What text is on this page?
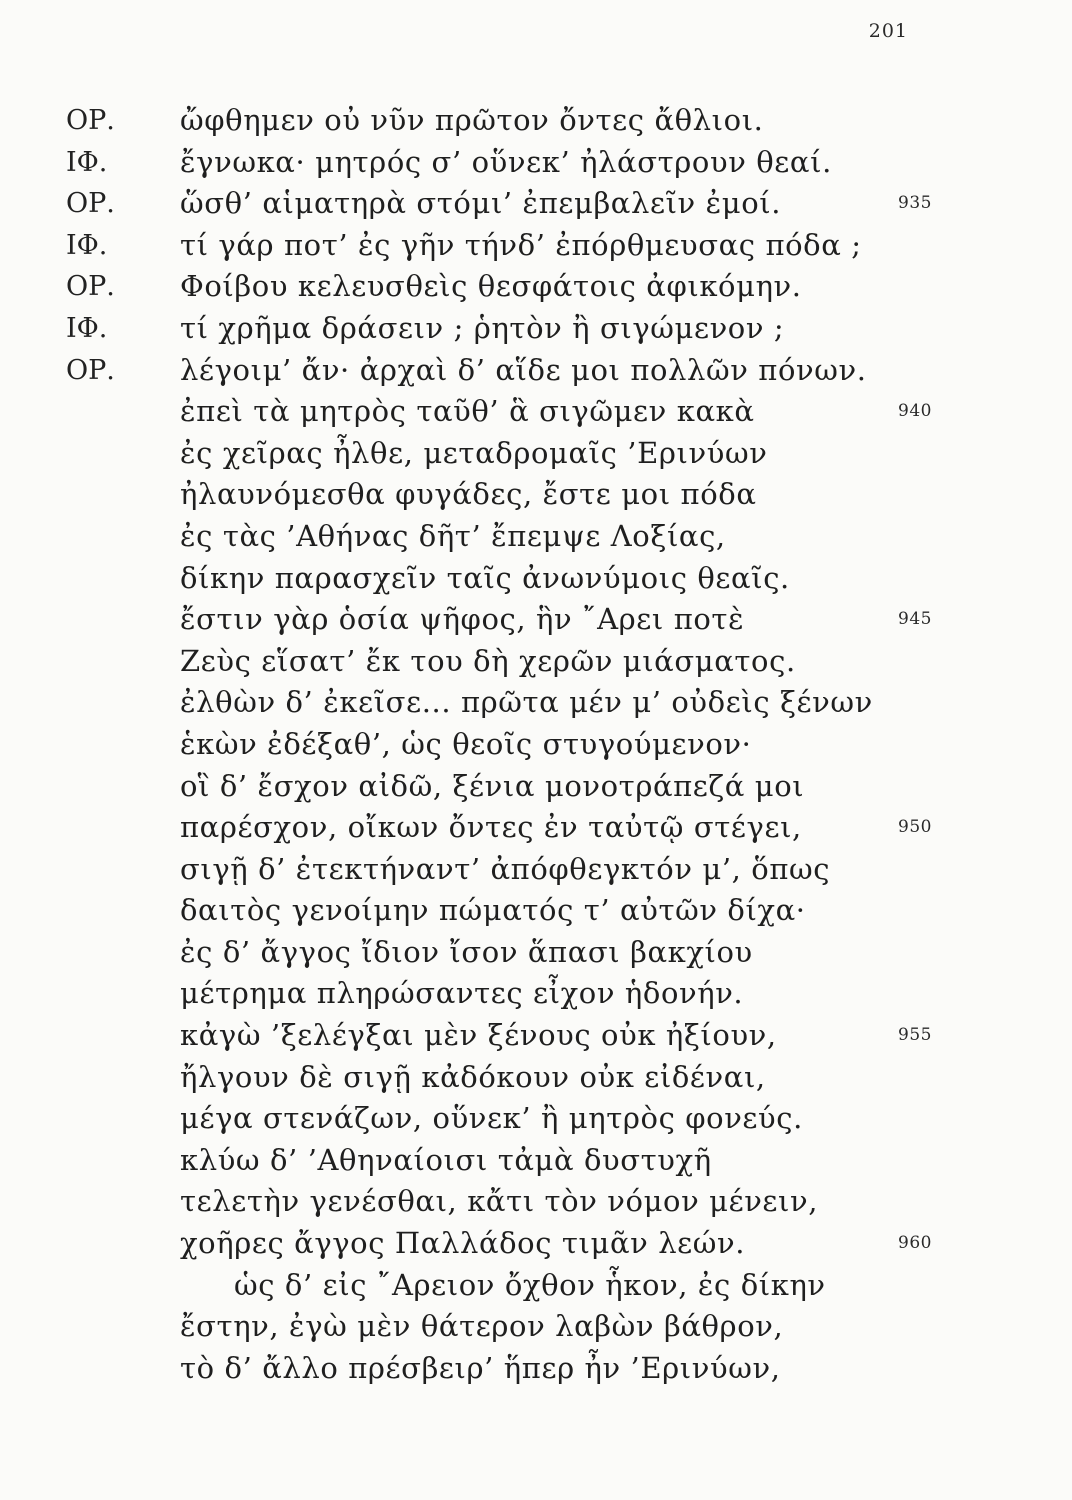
201
ΟΡ. ὤφθημεν οὐ νῦν πρῶτον ὄντες ἄθλιοι.
ΙΦ.	ἔγνωκα· μητρός σ’ οὕνεκ’ ἠλάστρουν θεαί.
ΟΡ. ὥσθ’ αἱματηρὰ στόμι’ ἐπεμβαλεῖν ἐμοί.	935
ΙΦ.	τί γάρ ποτ’ ἐς γῆν τήνδ’ ἐπόρθμευσας πόδα ;
ΟΡ. Φοίβου κελευσθεὶς θεσφάτοις ἀφικόμην.
ΙΦ.	τί χρῆμα δράσειν ; ῥητὸν ἢ σιγώμενον ;
ΟΡ. λέγοιμ’ ἄν· ἀρχαὶ δ’ αἵδε μοι πολλῶν πόνων.
ἐπεὶ τὰ μητρὸς ταῦθ’ ἃ σιγῶμεν κακὰ	940
ἐς χεῖρας ἦλθε, μεταδρομαῖς ’Ερινύων
ἠλαυνόμεσθα φυγάδες, ἔστε μοι πόδα
ἐς τὰς ’Αθήνας δῆτ’ ἔπεμψε Λοξίας,
δίκην παρασχεῖν ταῖς ἀνωνύμοις θεαῖς.
ἔστιν γὰρ ὁσία ψῆφος, ἣν ῎Αρει ποτὲ	945
Ζεὺς εἵσατ’ ἔκ του δὴ χερῶν μιάσματος.
ἐλθὼν δ’ ἐκεῖσε... πρῶτα μέν μ’ οὐδεὶς ξένων
ἑκὼν ἐδέξαθ’, ὡς θεοῖς στυγούμενον·
οἳ δ’ ἔσχον αἰδῶ, ξένια μονοτράπεζά μοι
παρέσχον, οἴκων ὄντες ἐν ταὐτῷ στέγει,	950
σιγῇ δ’ ἐτεκτήναντ’ ἀπόφθεγκτόν μ’, ὅπως
δαιτὸς γενοίμην πώματός τ’ αὐτῶν δίχα·
ἐς δ’ ἄγγος ἴδιον ἴσον ἅπασι βακχίου
μέτρημα πληρώσαντες εἶχον ἡδονήν.
κἀγὼ ’ξελέγξαι μὲν ξένους οὐκ ἠξίουν,	955
ἤλγουν δὲ σιγῇ κἀδόκουν οὐκ εἰδέναι,
μέγα στενάζων, οὕνεκ’ ἢ μητρὸς φονεύς.
κλύω δ’ ’Αθηναίοισι τἀμὰ δυστυχῆ
τελετὴν γενέσθαι, κἄτι τὸν νόμον μένειν,
χοῆρες ἄγγος Παλλάδος τιμᾶν λεών.	960
ὡς δ’ εἰς ῎Αρειον ὄχθον ἧκον, ἐς δίκην
ἔστην, ἐγὼ μὲν θάτερον λαβὼν βάθρον,
τὸ δ’ ἄλλο πρέσβειρ’ ἥπερ ἦν ’Ερινύων,
